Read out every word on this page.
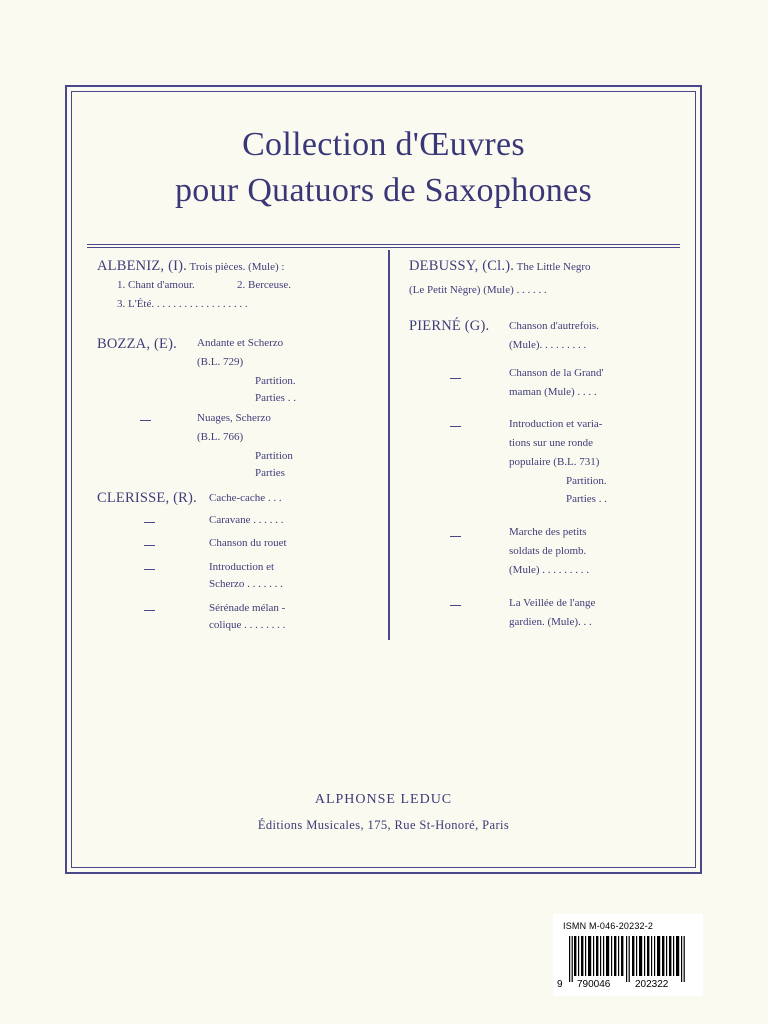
Collection d'Œuvres
pour Quatuors de Saxophones
ALBENIZ, (I). Trois pièces. (Mule) :
1. Chant d'amour.	2. Berceuse.
3. L'Été. . . . . . . . . . . . . . . . . .
BOZZA, (E). Andante et Scherzo
(B.L. 729)
Partition.
Parties . .
Nuages, Scherzo
(B.L. 766)
Partition
Parties
CLERISSE, (R). Cache-cache . . .
Caravane . . . . . .
Chanson du rouet
Introduction et
Scherzo . . . . . . .
Sérénade mélan -
colique . . . . . . . .
DEBUSSY, (Cl.). The Little Negro
(Le Petit Nègre) (Mule) . . . . . .
PIERNÉ (G). Chanson d'autrefois.
(Mule). . . . . . . . .
Chanson de la Grand'
maman (Mule) . . . .
Introduction et varia-
tions sur une ronde
populaire (B.L. 731)
Partition.
Parties . .
Marche des petits
soldats de plomb.
(Mule) . . . . . . . . .
La Veillée de l'ange
gardien. (Mule). . .
ALPHONSE LEDUC
Éditions Musicales, 175, Rue St-Honoré, Paris
ISMN M-046-20232-2
9 790046 202322
